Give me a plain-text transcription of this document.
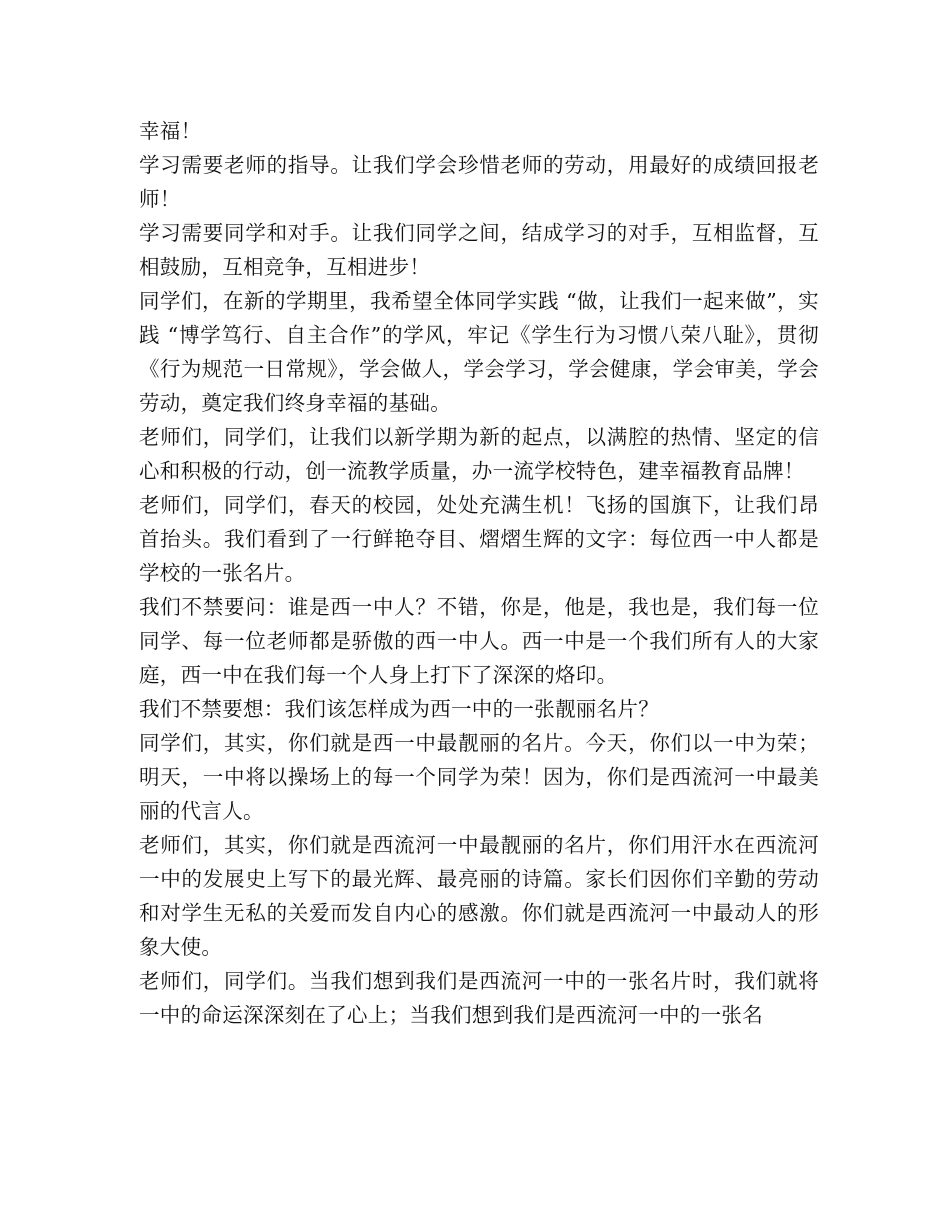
幸福！

学习需要老师的指导。让我们学会珍惜老师的劳动，用最好的成绩回报老师！

学习需要同学和对手。让我们同学之间，结成学习的对手，互相监督，互相鼓励，互相竞争，互相进步！

同学们，在新的学期里，我希望全体同学实践 “做，让我们一起来做”，实践 “博学笃行、自主合作”的学风，牢记《学生行为习惯八荣八耻》，贯彻《行为规范一日常规》，学会做人，学会学习，学会健康，学会审美，学会劳动，奠定我们终身幸福的基础。

老师们，同学们，让我们以新学期为新的起点，以满腔的热情、坚定的信心和积极的行动，创一流教学质量，办一流学校特色，建幸福教育品牌！

老师们，同学们，春天的校园，处处充满生机！飞扬的国旗下，让我们昂首抬头。我们看到了一行鲜艳夺目、熠熠生辉的文字：每位西一中人都是学校的一张名片。

我们不禁要问：谁是西一中人？不错，你是，他是，我也是，我们每一位同学、每一位老师都是骄傲的西一中人。西一中是一个我们所有人的大家庭，西一中在我们每一个人身上打下了深深的烙印。

我们不禁要想：我们该怎样成为西一中的一张靓丽名片？

同学们，其实，你们就是西一中最靓丽的名片。今天，你们以一中为荣；明天，一中将以操场上的每一个同学为荣！因为，你们是西流河一中最美丽的代言人。

老师们，其实，你们就是西流河一中最靓丽的名片，你们用汗水在西流河一中的发展史上写下的最光辉、最亮丽的诗篇。家长们因你们辛勤的劳动和对学生无私的关爱而发自内心的感激。你们就是西流河一中最动人的形象大使。

老师们，同学们。当我们想到我们是西流河一中的一张名片时，我们就将一中的命运深深刻在了心上；当我们想到我们是西流河一中的一张名
